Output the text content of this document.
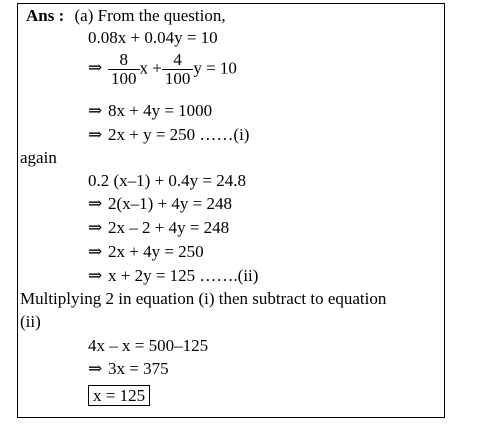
Ans : (a) From the question,
0.08x + 0.04y = 10
⇒ $\frac{8}{100}$ $x + \frac{4}{100}$ y = 10
⇒ 8x + 4y = 1000
⇒ 2x + y = 250 ……(i)
again
0.2 (x–1) + 0.4y = 24.8
⇒ 2(x–1) + 4y = 248
⇒ 2x – 2 + 4y = 248
⇒ 2x + 4y = 250
⇒ x + 2y = 125 …….(ii)
Multiplying 2 in equation (i) then subtract to equation
(ii)
4x – x = 500–125
⇒ 3x = 375
x = 125
